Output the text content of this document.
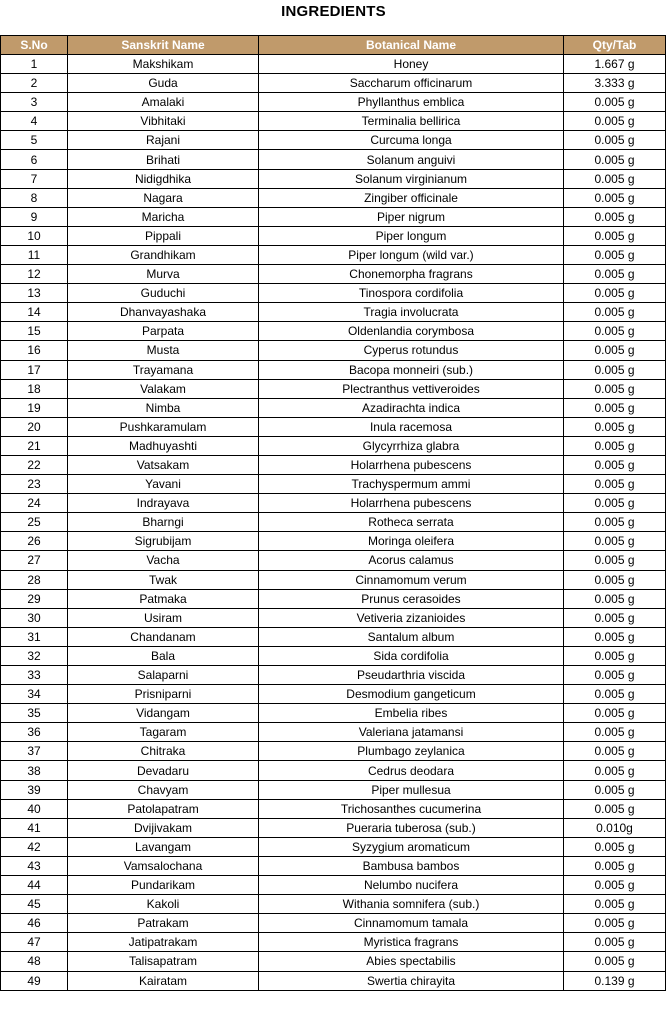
INGREDIENTS
S.No	Sanskrit Name	Botanical Name	Qty/Tab
1	Makshikam	Honey	1.667 g
2	Guda	Saccharum officinarum	3.333 g
3	Amalaki	Phyllanthus emblica	0.005 g
4	Vibhitaki	Terminalia bellirica	0.005 g
5	Rajani	Curcuma longa	0.005 g
6	Brihati	Solanum anguivi	0.005 g
7	Nidigdhika	Solanum virginianum	0.005 g
8	Nagara	Zingiber officinale	0.005 g
9	Maricha	Piper nigrum	0.005 g
10	Pippali	Piper longum	0.005 g
11	Grandhikam	Piper longum (wild var.)	0.005 g
12	Murva	Chonemorpha fragrans	0.005 g
13	Guduchi	Tinospora cordifolia	0.005 g
14	Dhanvayashaka	Tragia involucrata	0.005 g
15	Parpata	Oldenlandia corymbosa	0.005 g
16	Musta	Cyperus rotundus	0.005 g
17	Trayamana	Bacopa monneiri (sub.)	0.005 g
18	Valakam	Plectranthus vettiveroides	0.005 g
19	Nimba	Azadirachta indica	0.005 g
20	Pushkaramulam	Inula racemosa	0.005 g
21	Madhuyashti	Glycyrrhiza glabra	0.005 g
22	Vatsakam	Holarrhena pubescens	0.005 g
23	Yavani	Trachyspermum ammi	0.005 g
24	Indrayava	Holarrhena pubescens	0.005 g
25	Bharngi	Rotheca serrata	0.005 g
26	Sigrubijam	Moringa oleifera	0.005 g
27	Vacha	Acorus calamus	0.005 g
28	Twak	Cinnamomum verum	0.005 g
29	Patmaka	Prunus cerasoides	0.005 g
30	Usiram	Vetiveria zizanioides	0.005 g
31	Chandanam	Santalum album	0.005 g
32	Bala	Sida cordifolia	0.005 g
33	Salaparni	Pseudarthria viscida	0.005 g
34	Prisniparni	Desmodium gangeticum	0.005 g
35	Vidangam	Embelia ribes	0.005 g
36	Tagaram	Valeriana jatamansi	0.005 g
37	Chitraka	Plumbago zeylanica	0.005 g
38	Devadaru	Cedrus deodara	0.005 g
39	Chavyam	Piper mullesua	0.005 g
40	Patolapatram	Trichosanthes cucumerina	0.005 g
41	Dvijivakam	Pueraria tuberosa (sub.)	0.010g
42	Lavangam	Syzygium aromaticum	0.005 g
43	Vamsalochana	Bambusa bambos	0.005 g
44	Pundarikam	Nelumbo nucifera	0.005 g
45	Kakoli	Withania somnifera (sub.)	0.005 g
46	Patrakam	Cinnamomum tamala	0.005 g
47	Jatipatrakam	Myristica fragrans	0.005 g
48	Talisapatram	Abies spectabilis	0.005 g
49	Kairatam	Swertia chirayita	0.139 g
